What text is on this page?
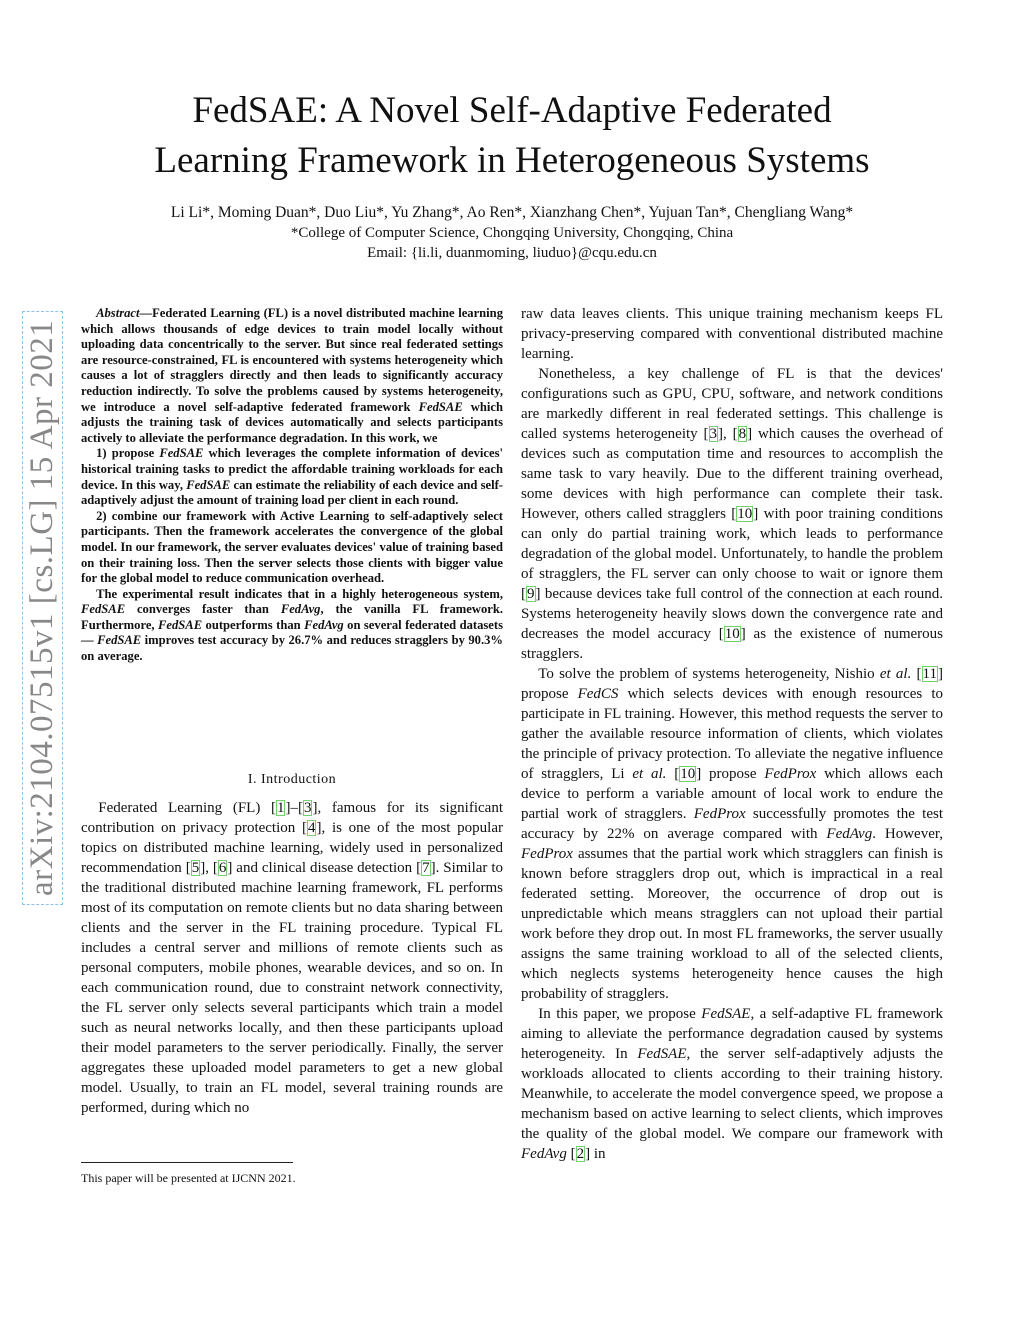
FedSAE: A Novel Self-Adaptive Federated
Learning Framework in Heterogeneous Systems
Li Li*, Moming Duan*, Duo Liu*, Yu Zhang*, Ao Ren*, Xianzhang Chen*, Yujuan Tan*, Chengliang Wang*
*College of Computer Science, Chongqing University, Chongqing, China
Email: {li.li, duanmoming, liuduo}@cqu.edu.cn
arXiv:2104.07515v1 [cs.LG] 15 Apr 2021

Abstract—Federated Learning (FL) is a novel distributed machine learning which allows thousands of edge devices to train model locally without uploading data concentrically to the server. But since real federated settings are resource-constrained, FL is encountered with systems heterogeneity which causes a lot of stragglers directly and then leads to significantly accuracy reduction indirectly. To solve the problems caused by systems heterogeneity, we introduce a novel self-adaptive federated framework FedSAE which adjusts the training task of devices automatically and selects participants actively to alleviate the performance degradation. In this work, we

1) propose FedSAE which leverages the complete information of devices' historical training tasks to predict the affordable training workloads for each device. In this way, FedSAE can estimate the reliability of each device and self-adaptively adjust the amount of training load per client in each round.

2) combine our framework with Active Learning to self-adaptively select participants. Then the framework accelerates the convergence of the global model. In our framework, the server evaluates devices' value of training based on their training loss. Then the server selects those clients with bigger value for the global model to reduce communication overhead.

The experimental result indicates that in a highly heterogeneous system, FedSAE converges faster than FedAvg, the vanilla FL framework. Furthermore, FedSAE outperforms than FedAvg on several federated datasets — FedSAE improves test accuracy by 26.7% and reduces stragglers by 90.3% on average.

I. Introduction

Federated Learning (FL) [1]–[3], famous for its significant contribution on privacy protection [4], is one of the most popular topics on distributed machine learning, widely used in personalized recommendation [5], [6] and clinical disease detection [7]. Similar to the traditional distributed machine learning framework, FL performs most of its computation on remote clients but no data sharing between clients and the server in the FL training procedure. Typical FL includes a central server and millions of remote clients such as personal computers, mobile phones, wearable devices, and so on. In each communication round, due to constraint network connectivity, the FL server only selects several participants which train a model such as neural networks locally, and then these participants upload their model parameters to the server periodically. Finally, the server aggregates these uploaded model parameters to get a new global model. Usually, to train an FL model, several training rounds are performed, during which no

This paper will be presented at IJCNN 2021.

raw data leaves clients. This unique training mechanism keeps FL privacy-preserving compared with conventional distributed machine learning.

Nonetheless, a key challenge of FL is that the devices' configurations such as GPU, CPU, software, and network conditions are markedly different in real federated settings. This challenge is called systems heterogeneity [3], [8] which causes the overhead of devices such as computation time and resources to accomplish the same task to vary heavily. Due to the different training overhead, some devices with high performance can complete their task. However, others called stragglers [10] with poor training conditions can only do partial training work, which leads to performance degradation of the global model. Unfortunately, to handle the problem of stragglers, the FL server can only choose to wait or ignore them [9] because devices take full control of the connection at each round. Systems heterogeneity heavily slows down the convergence rate and decreases the model accuracy [10] as the existence of numerous stragglers.

To solve the problem of systems heterogeneity, Nishio et al. [11] propose FedCS which selects devices with enough resources to participate in FL training. However, this method requests the server to gather the available resource information of clients, which violates the principle of privacy protection. To alleviate the negative influence of stragglers, Li et al. [10] propose FedProx which allows each device to perform a variable amount of local work to endure the partial work of stragglers. FedProx successfully promotes the test accuracy by 22% on average compared with FedAvg. However, FedProx assumes that the partial work which stragglers can finish is known before stragglers drop out, which is impractical in a real federated setting. Moreover, the occurrence of drop out is unpredictable which means stragglers can not upload their partial work before they drop out. In most FL frameworks, the server usually assigns the same training workload to all of the selected clients, which neglects systems heterogeneity hence causes the high probability of stragglers.

In this paper, we propose FedSAE, a self-adaptive FL framework aiming to alleviate the performance degradation caused by systems heterogeneity. In FedSAE, the server self-adaptively adjusts the workloads allocated to clients according to their training history. Meanwhile, to accelerate the model convergence speed, we propose a mechanism based on active learning to select clients, which improves the quality of the global model. We compare our framework with FedAvg [2] in
